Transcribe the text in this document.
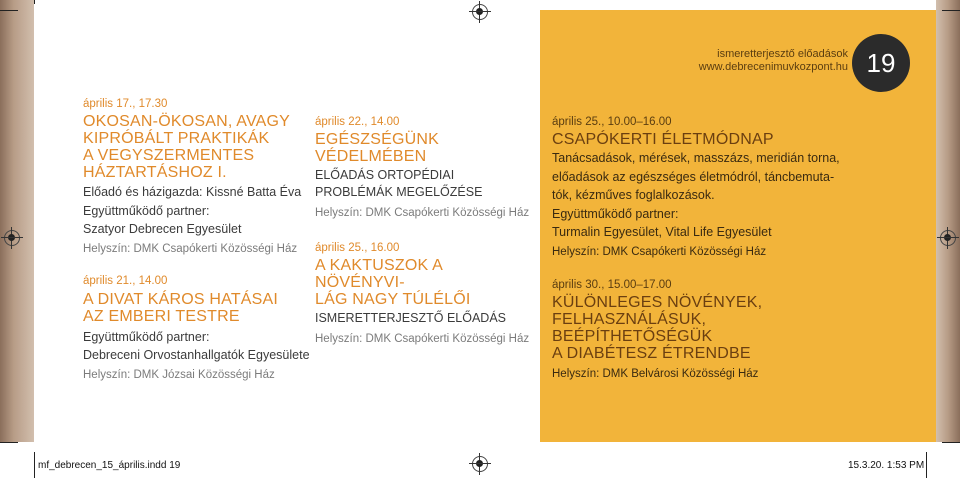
ismeretterjesztő előadások
www.debrecenimuvkozpont.hu 19
április 17., 17.30
OKOSAN-ÖKOSAN, AVAGY
KIPRÓBÁLT PRAKTIKÁK
A VEGYSZERMENTES
HÁZTARTÁSHOZ I.
Előadó és házigazda: Kissné Batta Éva
Együttműködő partner:
Szatyor Debrecen Egyesület
Helyszín: DMK Csapókerti Közösségi Ház
április 21., 14.00
A DIVAT KÁROS HATÁSAI
AZ EMBERI TESTRE
Együttműködő partner:
Debreceni Orvostanhallgatók Egyesülete
Helyszín: DMK Józsai Közösségi Ház
április 22., 14.00
EGÉSZSÉGÜNK VÉDELMÉBEN
ELŐADÁS ORTOPÉDIAI
PROBLÉMÁK MEGELŐZÉSE
Helyszín: DMK Csapókerti Közösségi Ház
április 25., 16.00
A KAKTUSZOK A NÖVÉNYVI-
LÁG NAGY TÚLÉLŐI
ISMERETTERJESZTŐ ELŐADÁS
Helyszín: DMK Csapókerti Közösségi Ház
április 25., 10.00–16.00
CSAPÓKERTI ÉLETMÓDNAP
Tanácsadások, mérések, masszázs, meridián torna,
előadások az egészséges életmódról, táncbemuta-
tók, kézműves foglalkozások.
Együttműködő partner:
Turmalin Egyesület, Vital Life Egyesület
Helyszín: DMK Csapókerti Közösségi Ház
április 30., 15.00–17.00
KÜLÖNLEGES NÖVÉNYEK,
FELHASZNÁLÁSUK, BEÉPÍTHETŐSÉGÜK
A DIABÉTESZ ÉTRENDBE
Helyszín: DMK Belvárosi Közösségi Ház
mf_debrecen_15_április.indd 19	15.3.20. 1:53 PM
